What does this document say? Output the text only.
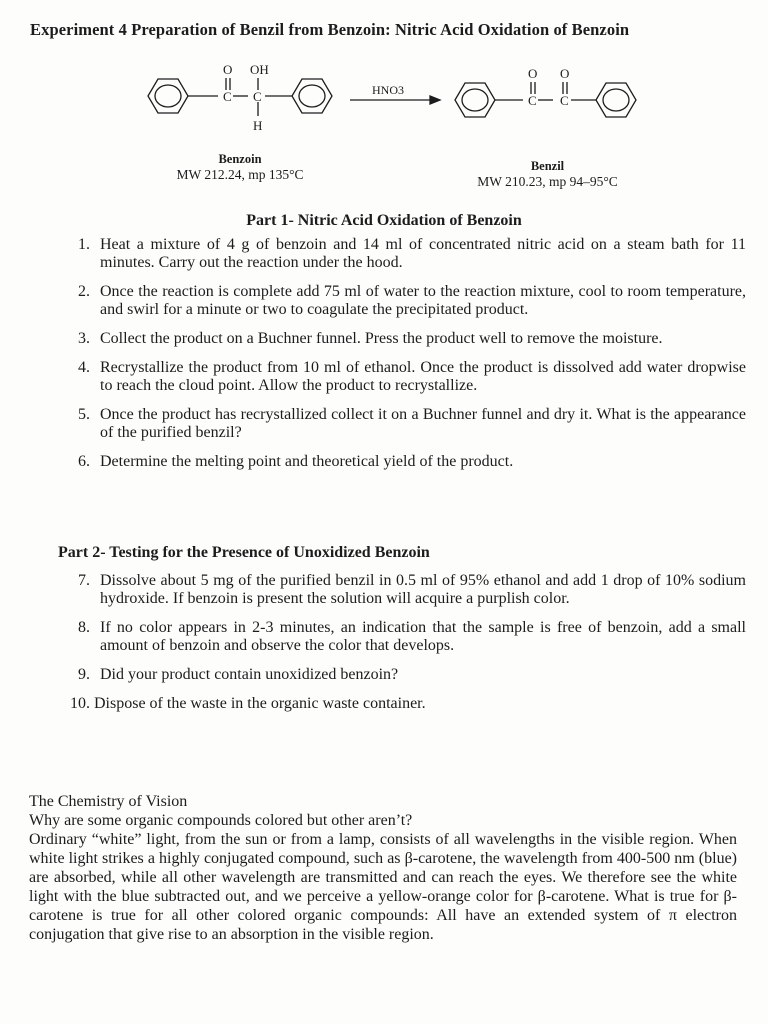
Experiment 4 Preparation of Benzil from Benzoin: Nitric Acid Oxidation of Benzoin
O OH
C C
H
O O
C C
HNO3
Benzoin
MW 212.24, mp 135°C
Benzil
MW 210.23, mp 94–95°C
Part 1- Nitric Acid Oxidation of Benzoin
1. Heat a mixture of 4 g of benzoin and 14 ml of concentrated nitric acid on a steam bath for 11 minutes. Carry out the reaction under the hood.
2. Once the reaction is complete add 75 ml of water to the reaction mixture, cool to room temperature, and swirl for a minute or two to coagulate the precipitated product.
3. Collect the product on a Buchner funnel. Press the product well to remove the moisture.
4. Recrystallize the product from 10 ml of ethanol. Once the product is dissolved add water dropwise to reach the cloud point. Allow the product to recrystallize.
5. Once the product has recrystallized collect it on a Buchner funnel and dry it. What is the appearance of the purified benzil?
6. Determine the melting point and theoretical yield of the product.
Part 2- Testing for the Presence of Unoxidized Benzoin
7. Dissolve about 5 mg of the purified benzil in 0.5 ml of 95% ethanol and add 1 drop of 10% sodium hydroxide. If benzoin is present the solution will acquire a purplish color.
8. If no color appears in 2-3 minutes, an indication that the sample is free of benzoin, add a small amount of benzoin and observe the color that develops.
9. Did your product contain unoxidized benzoin?
10. Dispose of the waste in the organic waste container.
The Chemistry of Vision
Why are some organic compounds colored but other aren’t?

Ordinary “white” light, from the sun or from a lamp, consists of all wavelengths in the visible region. When white light strikes a highly conjugated compound, such as β-carotene, the wavelength from 400-500 nm (blue) are absorbed, while all other wavelength are transmitted and can reach the eyes. We therefore see the white light with the blue subtracted out, and we perceive a yellow-orange color for β-carotene. What is true for β-carotene is true for all other colored organic compounds: All have an extended system of π electron conjugation that give rise to an absorption in the visible region.
